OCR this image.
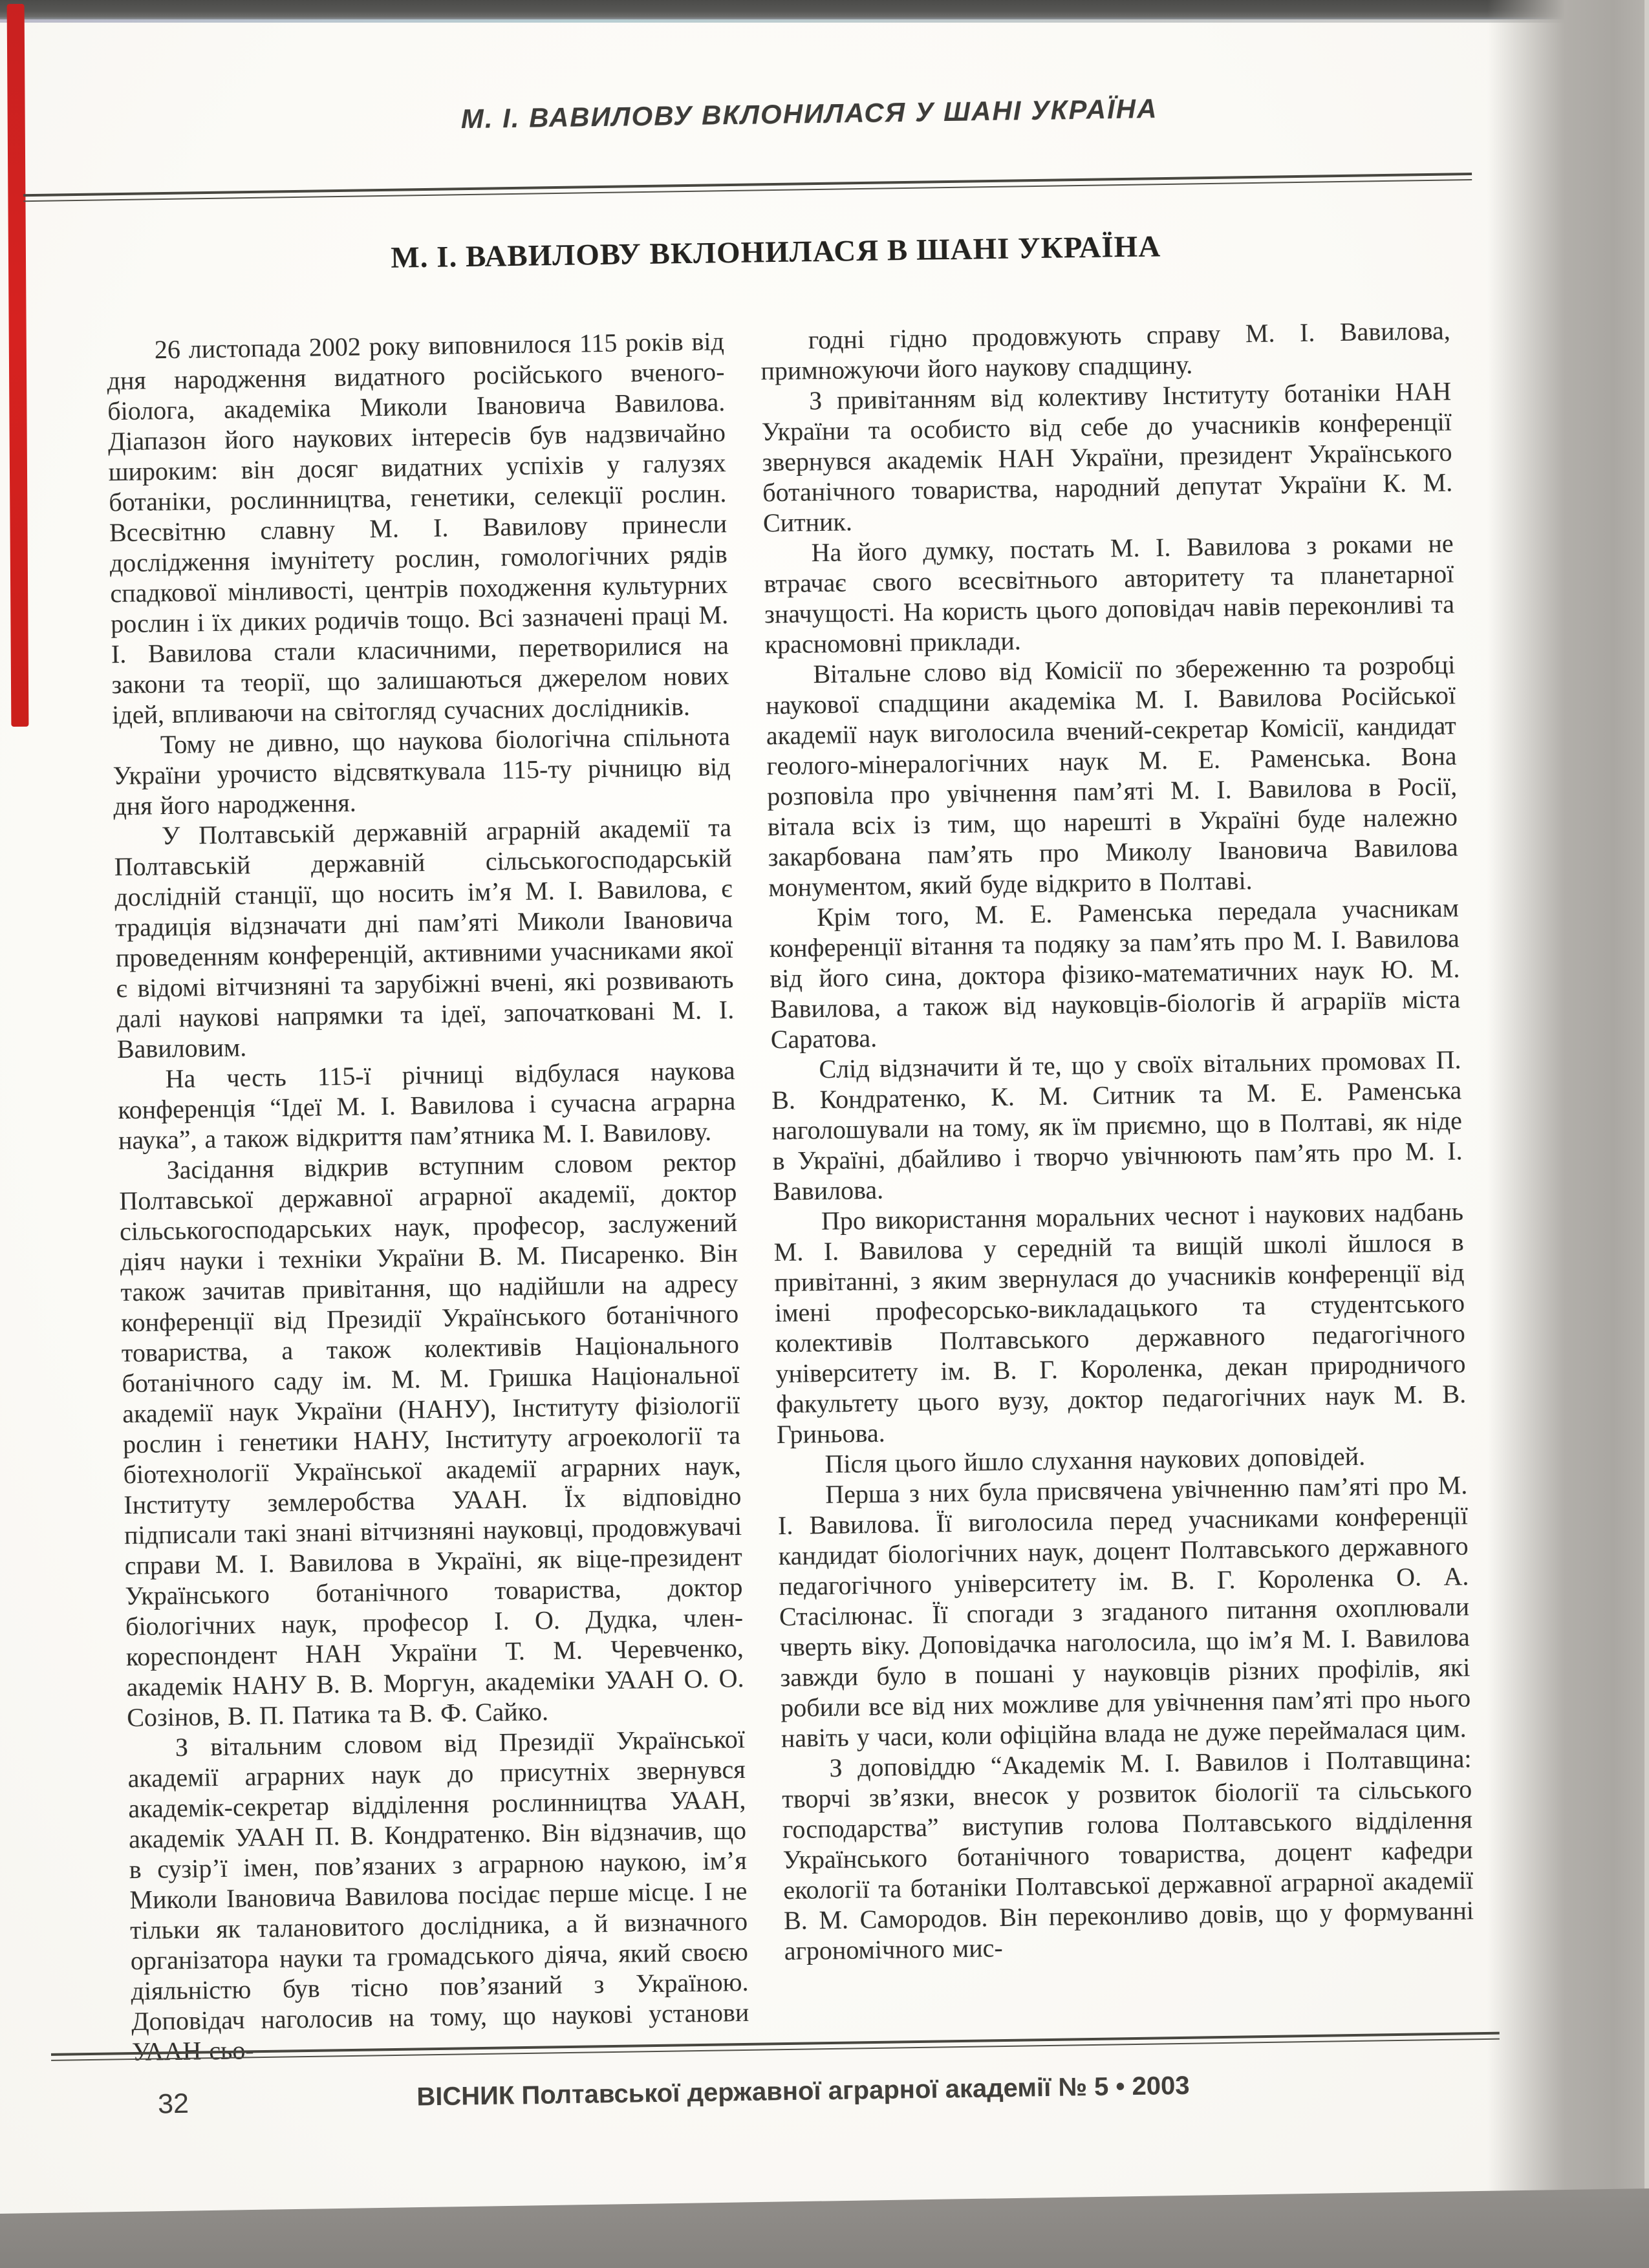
М. І. ВАВИЛОВУ ВКЛОНИЛАСЯ У ШАНІ УКРАЇНА
М. І. ВАВИЛОВУ ВКЛОНИЛАСЯ В ШАНІ УКРАЇНА

26 листопада 2002 року виповнилося 115 років від дня народження видатного російського вченого-біолога, академіка Миколи Івановича Вавилова. Діапазон його наукових інтересів був надзвичайно широким: він досяг видатних успіхів у галузях ботаніки, рослинництва, генетики, селекції рослин. Всесвітню славну М. І. Вавилову принесли дослідження імунітету рослин, гомологічних рядів спадкової мінливості, центрів походження культурних рослин і їх диких родичів тощо. Всі зазначені праці М. І. Вавилова стали класичними, перетворилися на закони та теорії, що залишаються джерелом нових ідей, впливаючи на світогляд сучасних дослідників.

Тому не дивно, що наукова біологічна спільнота України урочисто відсвяткувала 115-ту річницю від дня його народження.

У Полтавській державній аграрній академії та Полтавській державній сільськогосподарській дослідній станції, що носить ім’я М. І. Вавилова, є традиція відзначати дні пам’яті Миколи Івановича проведенням конференцій, активними учасниками якої є відомі вітчизняні та зарубіжні вчені, які розвивають далі наукові напрямки та ідеї, започатковані М. І. Вавиловим.

На честь 115-ї річниці відбулася наукова конференція “Ідеї М. І. Вавилова і сучасна аграрна наука”, а також відкриття пам’ятника М. І. Вавилову.

Засідання відкрив вступним словом ректор Полтавської державної аграрної академії, доктор сільськогосподарських наук, професор, заслужений діяч науки і техніки України В. М. Писаренко. Він також зачитав привітання, що надійшли на адресу конференції від Президії Українського ботанічного товариства, а також колективів Національного ботанічного саду ім. М. М. Гришка Національної академії наук України (НАНУ), Інституту фізіології рослин і генетики НАНУ, Інституту агроекології та біотехнології Української академії аграрних наук, Інституту землеробства УААН. Їх відповідно підписали такі знані вітчизняні науковці, продовжувачі справи М. І. Вавилова в Україні, як віце-президент Українського ботанічного товариства, доктор біологічних наук, професор І. О. Дудка, член-кореспондент НАН України Т. М. Черевченко, академік НАНУ В. В. Моргун, академіки УААН О. О. Созінов, В. П. Патика та В. Ф. Сайко.

З вітальним словом від Президії Української академії аграрних наук до присутніх звернувся академік-секретар відділення рослинництва УААН, академік УААН П. В. Кондратенко. Він відзначив, що в сузір’ї імен, пов’язаних з аграрною наукою, ім’я Миколи Івановича Вавилова посідає перше місце. І не тільки як талановитого дослідника, а й визначного організатора науки та громадського діяча, який своєю діяльністю був тісно пов’язаний з Україною. Доповідач наголосив на тому, що наукові установи УААН сьо-

годні гідно продовжують справу М. І. Вавилова, примножуючи його наукову спадщину.

З привітанням від колективу Інституту ботаніки НАН України та особисто від себе до учасників конференції звернувся академік НАН України, президент Українського ботанічного товариства, народний депутат України К. М. Ситник.

На його думку, постать М. І. Вавилова з роками не втрачає свого всесвітнього авторитету та планетарної значущості. На користь цього доповідач навів переконливі та красномовні приклади.

Вітальне слово від Комісії по збереженню та розробці наукової спадщини академіка М. І. Вавилова Російської академії наук виголосила вчений-секретар Комісії, кандидат геолого-мінералогічних наук М. Е. Раменська. Вона розповіла про увічнення пам’яті М. І. Вавилова в Росії, вітала всіх із тим, що нарешті в Україні буде належно закарбована пам’ять про Миколу Івановича Вавилова монументом, який буде відкрито в Полтаві.

Крім того, М. Е. Раменська передала учасникам конференції вітання та подяку за пам’ять про М. І. Вавилова від його сина, доктора фізико-математичних наук Ю. М. Вавилова, а також від науковців-біологів й аграріїв міста Саратова.

Слід відзначити й те, що у своїх вітальних промовах П. В. Кондратенко, К. М. Ситник та М. Е. Раменська наголошували на тому, як їм приємно, що в Полтаві, як ніде в Україні, дбайливо і творчо увічнюють пам’ять про М. І. Вавилова.

Про використання моральних чеснот і наукових надбань М. І. Вавилова у середній та вищій школі йшлося в привітанні, з яким звернулася до учасників конференції від імені професорсько-викладацького та студентського колективів Полтавського державного педагогічного університету ім. В. Г. Короленка, декан природничого факультету цього вузу, доктор педагогічних наук М. В. Гриньова.

Після цього йшло слухання наукових доповідей.

Перша з них була присвячена увічненню пам’яті про М. І. Вавилова. Її виголосила перед учасниками конференції кандидат біологічних наук, доцент Полтавського державного педагогічного університету ім. В. Г. Короленка О. А. Стасілюнас. Її спогади з згаданого питання охоплювали чверть віку. Доповідачка наголосила, що ім’я М. І. Вавилова завжди було в пошані у науковців різних профілів, які робили все від них можливе для увічнення пам’яті про нього навіть у часи, коли офіційна влада не дуже переймалася цим.

З доповіддю “Академік М. І. Вавилов і Полтавщина: творчі зв’язки, внесок у розвиток біології та сільського господарства” виступив голова Полтавського відділення Українського ботанічного товариства, доцент кафедри екології та ботаніки Полтавської державної аграрної академії В. М. Самородов. Він переконливо довів, що у формуванні агрономічного мис-

32	ВІСНИК Полтавської державної аграрної академії № 5 • 2003
